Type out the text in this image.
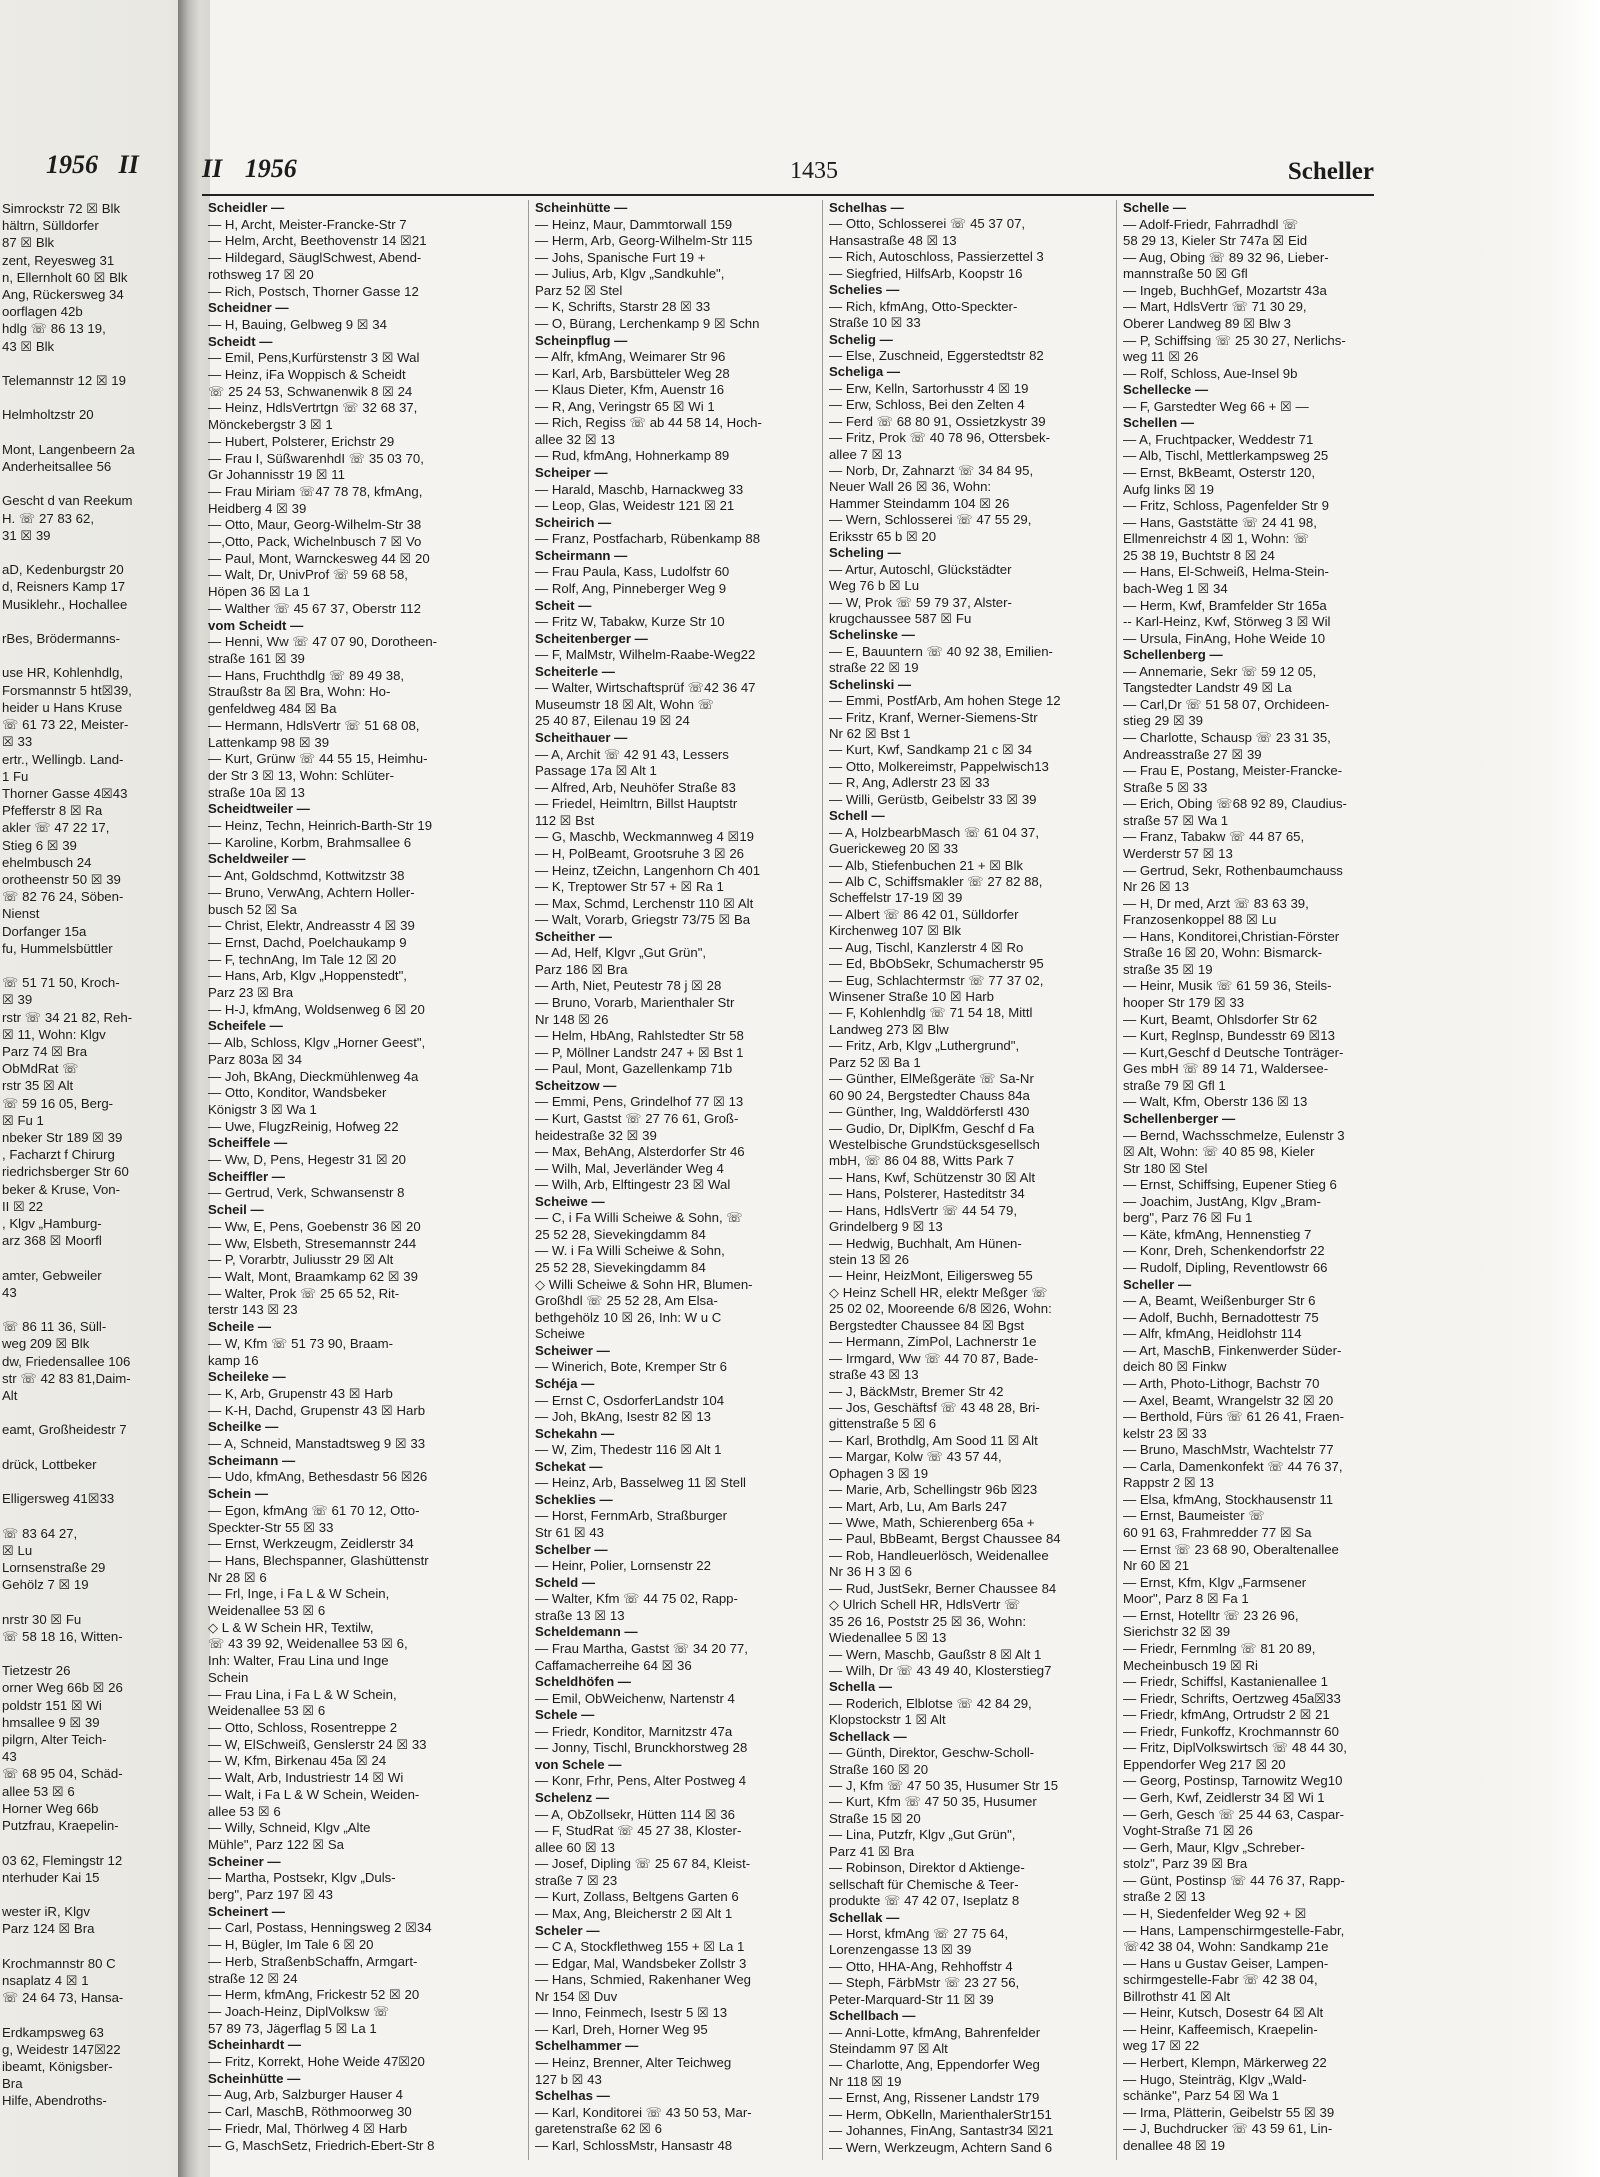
1956 II

Simrockstr 72 ☒ Blk

hältrn, Sülldorfer

87 ☒ Blk

zent, Reyesweg 31

n, Ellernholt 60 ☒ Blk

Ang, Rückersweg 34

oorflagen 42b

hdlg ☏ 86 13 19,

43 ☒ Blk

Telemannstr 12 ☒ 19

Helmholtzstr 20

Mont, Langenbeern 2a

Anderheitsallee 56

Gescht d van Reekum

H. ☏ 27 83 62,

31 ☒ 39

aD, Kedenburgstr 20

d, Reisners Kamp 17

Musiklehr., Hochallee

rBes, Brödermanns-

use HR, Kohlenhdlg,

Forsmannstr 5 ht☒39,

heider u Hans Kruse

☏ 61 73 22, Meister-

☒ 33

ertr., Wellingb. Land-

1 Fu

Thorner Gasse 4☒43

Pfefferstr 8 ☒ Ra

akler ☏ 47 22 17,

Stieg 6 ☒ 39

ehelmbusch 24

orotheenstr 50 ☒ 39

☏ 82 76 24, Söben-

Nienst

Dorfanger 15a

fu, Hummelsbüttler

☏ 51 71 50, Kroch-

☒ 39

rstr ☏ 34 21 82, Reh-

☒ 11, Wohn: Klgv

Parz 74 ☒ Bra

ObMdRat ☏

rstr 35 ☒ Alt

☏ 59 16 05, Berg-

☒ Fu 1

nbeker Str 189 ☒ 39

, Facharzt f Chirurg

riedrichsberger Str 60

beker & Kruse, Von-

II ☒ 22

, Klgv „Hamburg-

arz 368 ☒ Moorfl

amter, Gebweiler

43

☏ 86 11 36, Süll-

weg 209 ☒ Blk

dw, Friedensallee 106

str ☏ 42 83 81,Daim-

Alt

eamt, Großheidestr 7

drück, Lottbeker

Elligersweg 41☒33

☏ 83 64 27,

☒ Lu

Lornsenstraße 29

Gehölz 7 ☒ 19

nrstr 30 ☒ Fu

☏ 58 18 16, Witten-

Tietzestr 26

orner Weg 66b ☒ 26

poldstr 151 ☒ Wi

hmsallee 9 ☒ 39

pilgrn, Alter Teich-

43

☏ 68 95 04, Schäd-

allee 53 ☒ 6

Horner Weg 66b

Putzfrau, Kraepelin-

03 62, Flemingstr 12

nterhuder Kai 15

wester iR, Klgv

Parz 124 ☒ Bra

Krochmannstr 80 C

nsaplatz 4 ☒ 1

☏ 24 64 73, Hansa-

Erdkampsweg 63

g, Weidestr 147☒22

ibeamt, Königsber-

Bra

Hilfe, Abendroths-

II 1956	1435	Scheller

Scheidler —

— H, Archt, Meister-Francke-Str 7

— Helm, Archt, Beethovenstr 14 ☒21

— Hildegard, SäuglSchwest, Abend-

rothsweg 17 ☒ 20

— Rich, Postsch, Thorner Gasse 12

Scheidner —

— H, Bauing, Gelbweg 9 ☒ 34

Scheidt —

— Emil, Pens,Kurfürstenstr 3 ☒ Wal

— Heinz, iFa Woppisch & Scheidt

☏ 25 24 53, Schwanenwik 8 ☒ 24

— Heinz, HdlsVertrtgn ☏ 32 68 37,

Mönckebergstr 3 ☒ 1

— Hubert, Polsterer, Erichstr 29

— Frau I, SüßwarenhdI ☏ 35 03 70,

Gr Johannisstr 19 ☒ 11

— Frau Miriam ☏47 78 78, kfmAng,

Heidberg 4 ☒ 39

— Otto, Maur, Georg-Wilhelm-Str 38

—,Otto, Pack, Wichelnbusch 7 ☒ Vo

— Paul, Mont, Warnckesweg 44 ☒ 20

— Walt, Dr, UnivProf ☏ 59 68 58,

Höpen 36 ☒ La 1

— Walther ☏ 45 67 37, Oberstr 112

vom Scheidt —

— Henni, Ww ☏ 47 07 90, Dorotheen-

straße 161 ☒ 39

— Hans, Fruchthdlg ☏ 89 49 38,

Straußstr 8a ☒ Bra, Wohn: Ho-

genfeldweg 484 ☒ Ba

— Hermann, HdlsVertr ☏ 51 68 08,

Lattenkamp 98 ☒ 39

— Kurt, Grünw ☏ 44 55 15, Heimhu-

der Str 3 ☒ 13, Wohn: Schlüter-

straße 10a ☒ 13

Scheidtweiler —

— Heinz, Techn, Heinrich-Barth-Str 19

— Karoline, Korbm, Brahmsallee 6

Scheldweiler —

— Ant, Goldschmd, Kottwitzstr 38

— Bruno, VerwAng, Achtern Holler-

busch 52 ☒ Sa

— Christ, Elektr, Andreasstr 4 ☒ 39

— Ernst, Dachd, Poelchaukamp 9

— F, technAng, Im Tale 12 ☒ 20

— Hans, Arb, Klgv „Hoppenstedt",

Parz 23 ☒ Bra

— H-J, kfmAng, Woldsenweg 6 ☒ 20

Scheifele —

— Alb, Schloss, Klgv „Horner Geest",

Parz 803a ☒ 34

— Joh, BkAng, Dieckmühlenweg 4a

— Otto, Konditor, Wandsbeker

Königstr 3 ☒ Wa 1

— Uwe, FlugzReinig, Hofweg 22

Scheiffele —

— Ww, D, Pens, Hegestr 31 ☒ 20

Scheiffler —

— Gertrud, Verk, Schwansenstr 8

Scheil —

— Ww, E, Pens, Goebenstr 36 ☒ 20

— Ww, Elsbeth, Stresemannstr 244

— P, Vorarbtr, Juliusstr 29 ☒ Alt

— Walt, Mont, Braamkamp 62 ☒ 39

— Walter, Prok ☏ 25 65 52, Rit-

terstr 143 ☒ 23

Scheile —

— W, Kfm ☏ 51 73 90, Braam-

kamp 16

Scheileke —

— K, Arb, Grupenstr 43 ☒ Harb

— K-H, Dachd, Grupenstr 43 ☒ Harb

Scheilke —

— A, Schneid, Manstadtsweg 9 ☒ 33

Scheimann —

— Udo, kfmAng, Bethesdastr 56 ☒26

Schein —

— Egon, kfmAng ☏ 61 70 12, Otto-

Speckter-Str 55 ☒ 33

— Ernst, Werkzeugm, Zeidlerstr 34

— Hans, Blechspanner, Glashüttenstr

Nr 28 ☒ 6

— Frl, Inge, i Fa L & W Schein,

Weidenallee 53 ☒ 6

◇ L & W Schein HR, Textilw,

☏ 43 39 92, Weidenallee 53 ☒ 6,

Inh: Walter, Frau Lina und Inge

Schein

— Frau Lina, i Fa L & W Schein,

Weidenallee 53 ☒ 6

— Otto, Schloss, Rosentreppe 2

— W, ElSchweiß, Genslerstr 24 ☒ 33

— W, Kfm, Birkenau 45a ☒ 24

— Walt, Arb, Industriestr 14 ☒ Wi

— Walt, i Fa L & W Schein, Weiden-

allee 53 ☒ 6

— Willy, Schneid, Klgv „Alte

Mühle", Parz 122 ☒ Sa

Scheiner —

— Martha, Postsekr, Klgv „Duls-

berg", Parz 197 ☒ 43

Scheinert —

— Carl, Postass, Henningsweg 2 ☒34

— H, Bügler, Im Tale 6 ☒ 20

— Herb, StraßenbSchaffn, Armgart-

straße 12 ☒ 24

— Herm, kfmAng, Frickestr 52 ☒ 20

— Joach-Heinz, DiplVolksw ☏

57 89 73, Jägerflag 5 ☒ La 1

Scheinhardt —

— Fritz, Korrekt, Hohe Weide 47☒20

Scheinhütte —

— Aug, Arb, Salzburger Hauser 4

— Carl, MaschB, Röthmoorweg 30

— Friedr, Mal, Thörlweg 4 ☒ Harb

— G, MaschSetz, Friedrich-Ebert-Str 8

Scheinhütte —

— Heinz, Maur, Dammtorwall 159

— Herm, Arb, Georg-Wilhelm-Str 115

— Johs, Spanische Furt 19 +

— Julius, Arb, Klgv „Sandkuhle",

Parz 52 ☒ Stel

— K, Schrifts, Starstr 28 ☒ 33

— O, Bürang, Lerchenkamp 9 ☒ Schn

Scheinpflug —

— Alfr, kfmAng, Weimarer Str 96

— Karl, Arb, Barsbütteler Weg 28

— Klaus Dieter, Kfm, Auenstr 16

— R, Ang, Veringstr 65 ☒ Wi 1

— Rich, Regiss ☏ ab 44 58 14, Hoch-

allee 32 ☒ 13

— Rud, kfmAng, Hohnerkamp 89

Scheiper —

— Harald, Maschb, Harnackweg 33

— Leop, Glas, Weidestr 121 ☒ 21

Scheirich —

— Franz, Postfacharb, Rübenkamp 88

Scheirmann —

— Frau Paula, Kass, Ludolfstr 60

— Rolf, Ang, Pinneberger Weg 9

Scheit —

— Fritz W, Tabakw, Kurze Str 10

Scheitenberger —

— F, MalMstr, Wilhelm-Raabe-Weg22

Scheiterle —

— Walter, Wirtschaftsprüf ☏42 36 47

Museumstr 18 ☒ Alt, Wohn ☏

25 40 87, Eilenau 19 ☒ 24

Scheithauer —

— A, Archit ☏ 42 91 43, Lessers

Passage 17a ☒ Alt 1

— Alfred, Arb, Neuhöfer Straße 83

— Friedel, Heimltrn, Billst Hauptstr

112 ☒ Bst

— G, Maschb, Weckmannweg 4 ☒19

— H, PolBeamt, Grootsruhe 3 ☒ 26

— Heinz, tZeichn, Langenhorn Ch 401

— K, Treptower Str 57 + ☒ Ra 1

— Max, Schmd, Lerchenstr 110 ☒ Alt

— Walt, Vorarb, Griegstr 73/75 ☒ Ba

Scheither —

— Ad, Helf, Klgvr „Gut Grün",

Parz 186 ☒ Bra

— Arth, Niet, Peutestr 78 j ☒ 28

— Bruno, Vorarb, Marienthaler Str

Nr 148 ☒ 26

— Helm, HbAng, Rahlstedter Str 58

— P, Möllner Landstr 247 + ☒ Bst 1

— Paul, Mont, Gazellenkamp 71b

Scheitzow —

— Emmi, Pens, Grindelhof 77 ☒ 13

— Kurt, Gastst ☏ 27 76 61, Groß-

heidestraße 32 ☒ 39

— Max, BehAng, Alsterdorfer Str 46

— Wilh, Mal, Jeverländer Weg 4

— Wilh, Arb, Elftingestr 23 ☒ Wal

Scheiwe —

— C, i Fa Willi Scheiwe & Sohn, ☏

25 52 28, Sievekingdamm 84

— W. i Fa Willi Scheiwe & Sohn,

25 52 28, Sievekingdamm 84

◇ Willi Scheiwe & Sohn HR, Blumen-

Großhdl ☏ 25 52 28, Am Elsa-

bethgehölz 10 ☒ 26, Inh: W u C

Scheiwe

Scheiwer —

— Winerich, Bote, Kremper Str 6

Schéja —

— Ernst C, OsdorferLandstr 104

— Joh, BkAng, Isestr 82 ☒ 13

Schekahn —

— W, Zim, Thedestr 116 ☒ Alt 1

Schekat —

— Heinz, Arb, Basselweg 11 ☒ Stell

Scheklies —

— Horst, FernmArb, Straßburger

Str 61 ☒ 43

Schelber —

— Heinr, Polier, Lornsenstr 22

Scheld —

— Walter, Kfm ☏ 44 75 02, Rapp-

straße 13 ☒ 13

Scheldemann —

— Frau Martha, Gastst ☏ 34 20 77,

Caffamacherreihe 64 ☒ 36

Scheldhöfen —

— Emil, ObWeichenw, Nartenstr 4

Schele —

— Friedr, Konditor, Marnitzstr 47a

— Jonny, Tischl, Brunckhorstweg 28

von Schele —

— Konr, Frhr, Pens, Alter Postweg 4

Schelenz —

— A, ObZollsekr, Hütten 114 ☒ 36

— F, StudRat ☏ 45 27 38, Kloster-

allee 60 ☒ 13

— Josef, Dipling ☏ 25 67 84, Kleist-

straße 7 ☒ 23

— Kurt, Zollass, Beltgens Garten 6

— Max, Ang, Bleicherstr 2 ☒ Alt 1

Scheler —

— C A, Stockflethweg 155 + ☒ La 1

— Edgar, Mal, Wandsbeker Zollstr 3

— Hans, Schmied, Rakenhaner Weg

Nr 154 ☒ Duv

— Inno, Feinmech, Isestr 5 ☒ 13

— Karl, Dreh, Horner Weg 95

Schelhammer —

— Heinz, Brenner, Alter Teichweg

127 b ☒ 43

Schelhas —

— Karl, Konditorei ☏ 43 50 53, Mar-

garetenstraße 62 ☒ 6

— Karl, SchlossMstr, Hansastr 48

Schelhas —

— Otto, Schlosserei ☏ 45 37 07,

Hansastraße 48 ☒ 13

— Rich, Autoschloss, Passierzettel 3

— Siegfried, HilfsArb, Koopstr 16

Schelies —

— Rich, kfmAng, Otto-Speckter-

Straße 10 ☒ 33

Schelig —

— Else, Zuschneid, Eggerstedtstr 82

Scheliga —

— Erw, Kelln, Sartorhusstr 4 ☒ 19

— Erw, Schloss, Bei den Zelten 4

— Ferd ☏ 68 80 91, Ossietzkystr 39

— Fritz, Prok ☏ 40 78 96, Ottersbek-

allee 7 ☒ 13

— Norb, Dr, Zahnarzt ☏ 34 84 95,

Neuer Wall 26 ☒ 36, Wohn:

Hammer Steindamm 104 ☒ 26

— Wern, Schlosserei ☏ 47 55 29,

Eriksstr 65 b ☒ 20

Scheling —

— Artur, Autoschl, Glückstädter

Weg 76 b ☒ Lu

— W, Prok ☏ 59 79 37, Alster-

krugchaussee 587 ☒ Fu

Schelinske —

— E, Bauuntern ☏ 40 92 38, Emilien-

straße 22 ☒ 19

Schelinski —

— Emmi, PostfArb, Am hohen Stege 12

— Fritz, Kranf, Werner-Siemens-Str

Nr 62 ☒ Bst 1

— Kurt, Kwf, Sandkamp 21 c ☒ 34

— Otto, Molkereimstr, Pappelwisch13

— R, Ang, Adlerstr 23 ☒ 33

— Willi, Gerüstb, Geibelstr 33 ☒ 39

Schell —

— A, HolzbearbMasch ☏ 61 04 37,

Guerickeweg 20 ☒ 33

— Alb, Stiefenbuchen 21 + ☒ Blk

— Alb C, Schiffsmakler ☏ 27 82 88,

Scheffelstr 17-19 ☒ 39

— Albert ☏ 86 42 01, Sülldorfer

Kirchenweg 107 ☒ Blk

— Aug, Tischl, Kanzlerstr 4 ☒ Ro

— Ed, BbObSekr, Schumacherstr 95

— Eug, Schlachtermstr ☏ 77 37 02,

Winsener Straße 10 ☒ Harb

— F, Kohlenhdlg ☏ 71 54 18, Mittl

Landweg 273 ☒ Blw

— Fritz, Arb, Klgv „Luthergrund",

Parz 52 ☒ Ba 1

— Günther, ElMeßgeräte ☏ Sa-Nr

60 90 24, Bergstedter Chauss 84a

— Günther, Ing, WalddörferstI 430

— Gudio, Dr, DiplKfm, Geschf d Fa

Westelbische Grundstücksgesellsch

mbH, ☏ 86 04 88, Witts Park 7

— Hans, Kwf, Schützenstr 30 ☒ Alt

— Hans, Polsterer, Hasteditstr 34

— Hans, HdlsVertr ☏ 44 54 79,

Grindelberg 9 ☒ 13

— Hedwig, Buchhalt, Am Hünen-

stein 13 ☒ 26

— Heinr, HeizMont, Eiligersweg 55

◇ Heinz Schell HR, elektr Meßger ☏

25 02 02, Mooreende 6/8 ☒26, Wohn:

Bergstedter Chaussee 84 ☒ Bgst

— Hermann, ZimPol, Lachnerstr 1e

— Irmgard, Ww ☏ 44 70 87, Bade-

straße 43 ☒ 13

— J, BäckMstr, Bremer Str 42

— Jos, Geschäftsf ☏ 43 48 28, Bri-

gittenstraße 5 ☒ 6

— Karl, Brothdlg, Am Sood 11 ☒ Alt

— Margar, Kolw ☏ 43 57 44,

Ophagen 3 ☒ 19

— Marie, Arb, Schellingstr 96b ☒23

— Mart, Arb, Lu, Am Barls 247

— Wwe, Math, Schierenberg 65a +

— Paul, BbBeamt, Bergst Chaussee 84

— Rob, Handleuerlösch, Weidenallee

Nr 36 H 3 ☒ 6

— Rud, JustSekr, Berner Chaussee 84

◇ Ulrich Schell HR, HdlsVertr ☏

35 26 16, Poststr 25 ☒ 36, Wohn:

Wiedenallee 5 ☒ 13

— Wern, Maschb, Gaußstr 8 ☒ Alt 1

— Wilh, Dr ☏ 43 49 40, Klosterstieg7

Schella —

— Roderich, Elblotse ☏ 42 84 29,

Klopstockstr 1 ☒ Alt

Schellack —

— Günth, Direktor, Geschw-Scholl-

Straße 160 ☒ 20

— J, Kfm ☏ 47 50 35, Husumer Str 15

— Kurt, Kfm ☏ 47 50 35, Husumer

Straße 15 ☒ 20

— Lina, Putzfr, Klgv „Gut Grün",

Parz 41 ☒ Bra

— Robinson, Direktor d Aktienge-

sellschaft für Chemische & Teer-

produkte ☏ 47 42 07, Iseplatz 8

Schellak —

— Horst, kfmAng ☏ 27 75 64,

Lorenzengasse 13 ☒ 39

— Otto, HHA-Ang, Rehhoffstr 4

— Steph, FärbMstr ☏ 23 27 56,

Peter-Marquard-Str 11 ☒ 39

Schellbach —

— Anni-Lotte, kfmAng, Bahrenfelder

Steindamm 97 ☒ Alt

— Charlotte, Ang, Eppendorfer Weg

Nr 118 ☒ 19

— Ernst, Ang, Rissener Landstr 179

— Herm, ObKelln, MarienthalerStr151

— Johannes, FinAng, Santastr34 ☒21

— Wern, Werkzeugm, Achtern Sand 6

Schelle —

— Adolf-Friedr, Fahrradhdl ☏

58 29 13, Kieler Str 747a ☒ Eid

— Aug, Obing ☏ 89 32 96, Lieber-

mannstraße 50 ☒ Gfl

— Ingeb, BuchhGef, Mozartstr 43a

— Mart, HdlsVertr ☏ 71 30 29,

Oberer Landweg 89 ☒ Blw 3

— P, Schiffsing ☏ 25 30 27, Nerlichs-

weg 11 ☒ 26

— Rolf, Schloss, Aue-Insel 9b

Schellecke —

— F, Garstedter Weg 66 + ☒ —

Schellen —

— A, Fruchtpacker, Weddestr 71

— Alb, Tischl, Mettlerkampsweg 25

— Ernst, BkBeamt, Osterstr 120,

Aufg links ☒ 19

— Fritz, Schloss, Pagenfelder Str 9

— Hans, Gaststätte ☏ 24 41 98,

Ellmenreichstr 4 ☒ 1, Wohn: ☏

25 38 19, Buchtstr 8 ☒ 24

— Hans, El-Schweiß, Helma-Stein-

bach-Weg 1 ☒ 34

— Herm, Kwf, Bramfelder Str 165a

-- Karl-Heinz, Kwf, Störweg 3 ☒ Wil

— Ursula, FinAng, Hohe Weide 10

Schellenberg —

— Annemarie, Sekr ☏ 59 12 05,

Tangstedter Landstr 49 ☒ La

— Carl,Dr ☏ 51 58 07, Orchideen-

stieg 29 ☒ 39

— Charlotte, Schausp ☏ 23 31 35,

Andreasstraße 27 ☒ 39

— Frau E, Postang, Meister-Francke-

Straße 5 ☒ 33

— Erich, Obing ☏68 92 89, Claudius-

straße 57 ☒ Wa 1

— Franz, Tabakw ☏ 44 87 65,

Werderstr 57 ☒ 13

— Gertrud, Sekr, Rothenbaumchauss

Nr 26 ☒ 13

— H, Dr med, Arzt ☏ 83 63 39,

Franzosenkoppel 88 ☒ Lu

— Hans, Konditorei,Christian-Förster

Straße 16 ☒ 20, Wohn: Bismarck-

straße 35 ☒ 19

— Heinr, Musik ☏ 61 59 36, Steils-

hooper Str 179 ☒ 33

— Kurt, Beamt, Ohlsdorfer Str 62

— Kurt, Reglnsp, Bundesstr 69 ☒13

— Kurt,Geschf d Deutsche Tonträger-

Ges mbH ☏ 89 14 71, Waldersee-

straße 79 ☒ Gfl 1

— Walt, Kfm, Oberstr 136 ☒ 13

Schellenberger —

— Bernd, Wachsschmelze, Eulenstr 3

☒ Alt, Wohn: ☏ 40 85 98, Kieler

Str 180 ☒ Stel

— Ernst, Schiffsing, Eupener Stieg 6

— Joachim, JustAng, Klgv „Bram-

berg", Parz 76 ☒ Fu 1

— Käte, kfmAng, Hennenstieg 7

— Konr, Dreh, Schenkendorfstr 22

— Rudolf, Dipling, Reventlowstr 66

Scheller —

— A, Beamt, Weißenburger Str 6

— Adolf, Buchh, Bernadottestr 75

— Alfr, kfmAng, Heidlohstr 114

— Art, MaschB, Finkenwerder Süder-

deich 80 ☒ Finkw

— Arth, Photo-Lithogr, Bachstr 70

— Axel, Beamt, Wrangelstr 32 ☒ 20

— Berthold, Fürs ☏ 61 26 41, Fraen-

kelstr 23 ☒ 33

— Bruno, MaschMstr, Wachtelstr 77

— Carla, Damenkonfekt ☏ 44 76 37,

Rappstr 2 ☒ 13

— Elsa, kfmAng, Stockhausenstr 11

— Ernst, Baumeister ☏

60 91 63, Frahmredder 77 ☒ Sa

— Ernst ☏ 23 68 90, Oberaltenallee

Nr 60 ☒ 21

— Ernst, Kfm, Klgv „Farmsener

Moor", Parz 8 ☒ Fa 1

— Ernst, Hotelltr ☏ 23 26 96,

Sierichstr 32 ☒ 39

— Friedr, Fernmlng ☏ 81 20 89,

Mecheinbusch 19 ☒ Ri

— Friedr, Schiffsl, Kastanienallee 1

— Friedr, Schrifts, Oertzweg 45a☒33

— Friedr, kfmAng, Ortrudstr 2 ☒ 21

— Friedr, Funkoffz, Krochmannstr 60

— Fritz, DiplVolkswirtsch ☏ 48 44 30,

Eppendorfer Weg 217 ☒ 20

— Georg, Postinsp, Tarnowitz Weg10

— Gerh, Kwf, Zeidlerstr 34 ☒ Wi 1

— Gerh, Gesch ☏ 25 44 63, Caspar-

Voght-Straße 71 ☒ 26

— Gerh, Maur, Klgv „Schreber-

stolz", Parz 39 ☒ Bra

— Günt, Postinsp ☏ 44 76 37, Rapp-

straße 2 ☒ 13

— H, Siedenfelder Weg 92 + ☒

— Hans, Lampenschirmgestelle-Fabr,

☏42 38 04, Wohn: Sandkamp 21e

— Hans u Gustav Geiser, Lampen-

schirmgestelle-Fabr ☏ 42 38 04,

Billrothstr 41 ☒ Alt

— Heinr, Kutsch, Dosestr 64 ☒ Alt

— Heinr, Kaffeemisch, Kraepelin-

weg 17 ☒ 22

— Herbert, Klempn, Märkerweg 22

— Hugo, Steinträg, Klgv „Wald-

schänke", Parz 54 ☒ Wa 1

— Irma, Plätterin, Geibelstr 55 ☒ 39

— J, Buchdrucker ☏ 43 59 61, Lin-

denallee 48 ☒ 19
